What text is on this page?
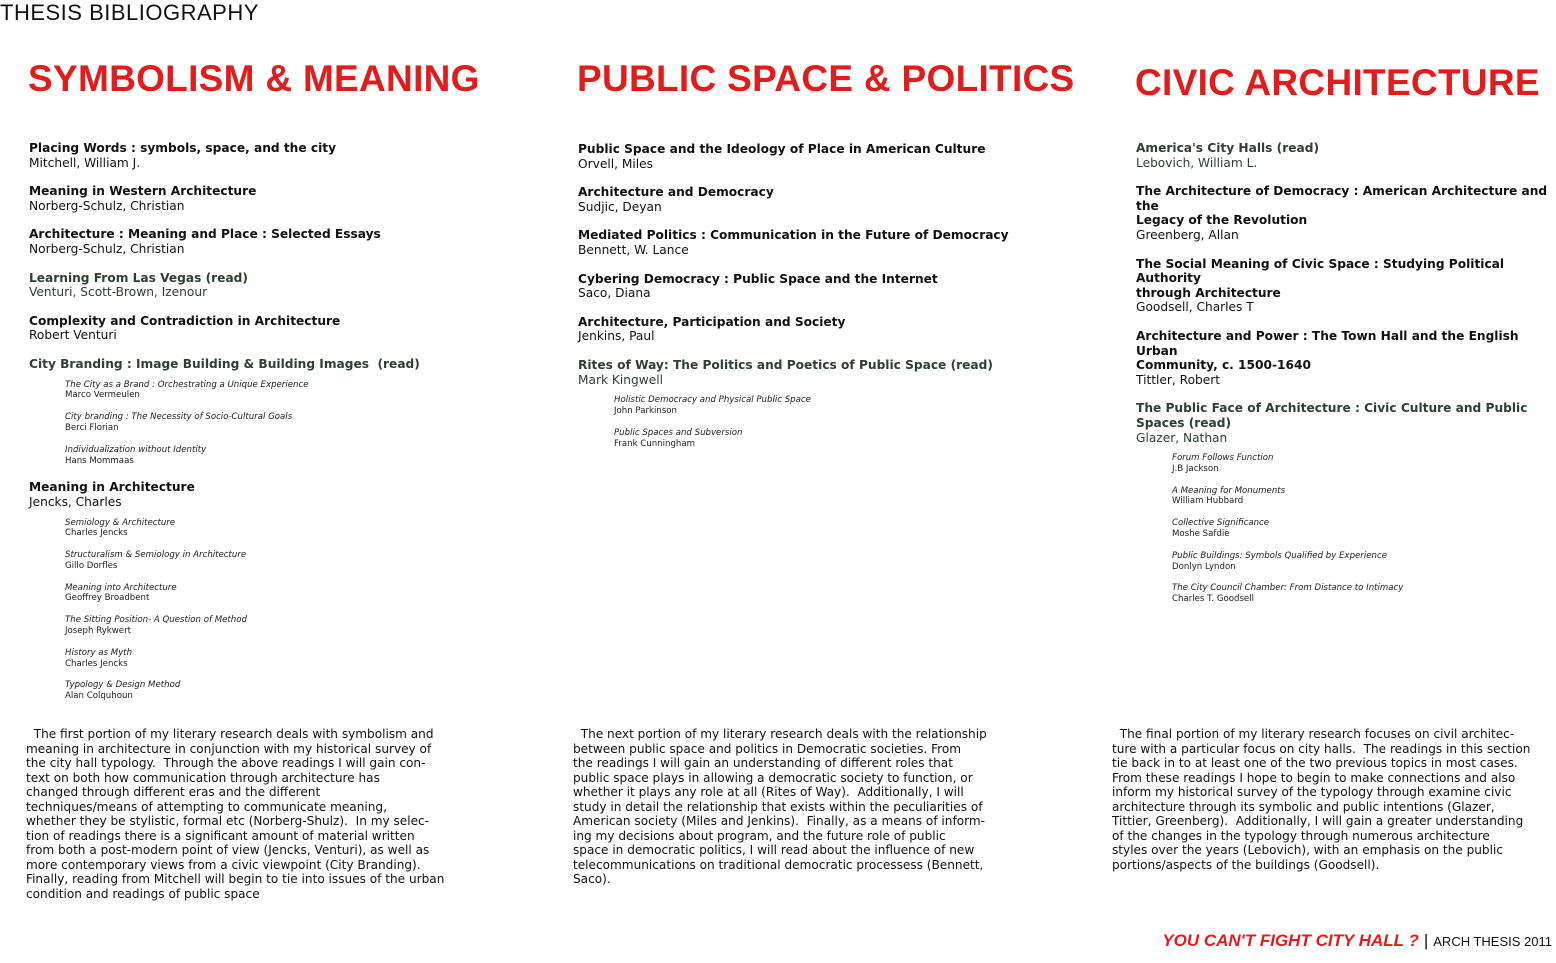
THESIS BIBLIOGRAPHY
SYMBOLISM & MEANING
Placing Words : symbols, space, and the city
Mitchell, William J.
Meaning in Western Architecture
Norberg-Schulz, Christian
Architecture : Meaning and Place : Selected Essays
Norberg-Schulz, Christian
Learning From Las Vegas (read)
Venturi, Scott-Brown, Izenour
Complexity and Contradiction in Architecture
Robert Venturi
City Branding : Image Building & Building Images  (read)
The City as a Brand : Orchestrating a Unique Experience
Marco Vermeulen
City branding : The Necessity of Socio-Cultural Goals
Berci Florian
Individualization without Identity
Hans Mommaas
Meaning in Architecture
Jencks, Charles
Semiology & Architecture
Charles Jencks
Structuralism & Semiology in Architecture
Gillo Dorfles
Meaning into Architecture
Geoffrey Broadbent
The Sitting Position- A Question of Method
Joseph Rykwert
History as Myth
Charles Jencks
Typology & Design Method
Alan Colquhoun
The first portion of my literary research deals with symbolism and
meaning in architecture in conjunction with my historical survey of
the city hall typology.  Through the above readings I will gain con-
text on both how communication through architecture has
changed through different eras and the different
techniques/means of attempting to communicate meaning,
whether they be stylistic, formal etc (Norberg-Shulz).  In my selec-
tion of readings there is a significant amount of material written
from both a post-modern point of view (Jencks, Venturi), as well as
more contemporary views from a civic viewpoint (City Branding).
Finally, reading from Mitchell will begin to tie into issues of the urban
condition and readings of public space
PUBLIC SPACE & POLITICS
Public Space and the Ideology of Place in American Culture
Orvell, Miles
Architecture and Democracy
Sudjic, Deyan
Mediated Politics : Communication in the Future of Democracy
Bennett, W. Lance
Cybering Democracy : Public Space and the Internet
Saco, Diana
Architecture, Participation and Society
Jenkins, Paul
Rites of Way: The Politics and Poetics of Public Space (read)
Mark Kingwell
Holistic Democracy and Physical Public Space
John Parkinson
Public Spaces and Subversion
Frank Cunningham
The next portion of my literary research deals with the relationship
between public space and politics in Democratic societies. From
the readings I will gain an understanding of different roles that
public space plays in allowing a democratic society to function, or
whether it plays any role at all (Rites of Way).  Additionally, I will
study in detail the relationship that exists within the peculiarities of
American society (Miles and Jenkins).  Finally, as a means of inform-
ing my decisions about program, and the future role of public
space in democratic politics, I will read about the influence of new
telecommunications on traditional democratic processess (Bennett,
Saco).
CIVIC ARCHITECTURE
America's City Halls (read)
Lebovich, William L.
The Architecture of Democracy : American Architecture and the
Legacy of the Revolution
Greenberg, Allan
The Social Meaning of Civic Space : Studying Political Authority
through Architecture
Goodsell, Charles T
Architecture and Power : The Town Hall and the English Urban
Community, c. 1500-1640
Tittler, Robert
The Public Face of Architecture : Civic Culture and Public Spaces (read)
Glazer, Nathan
Forum Follows Function
J.B Jackson
A Meaning for Monuments
William Hubbard
Collective Significance
Moshe Safdie
Public Buildings: Symbols Qualified by Experience
Donlyn Lyndon
The City Council Chamber: From Distance to Intimacy
Charles T. Goodsell
The final portion of my literary research focuses on civil architec-
ture with a particular focus on city halls.  The readings in this section
tie back in to at least one of the two previous topics in most cases.
From these readings I hope to begin to make connections and also
inform my historical survey of the typology through examine civic
architecture through its symbolic and public intentions (Glazer,
Tittier, Greenberg).  Additionally, I will gain a greater understanding
of the changes in the typology through numerous architecture
styles over the years (Lebovich), with an emphasis on the public
portions/aspects of the buildings (Goodsell).
YOU CAN'T FIGHT CITY HALL ? | ARCH THESIS 2011
